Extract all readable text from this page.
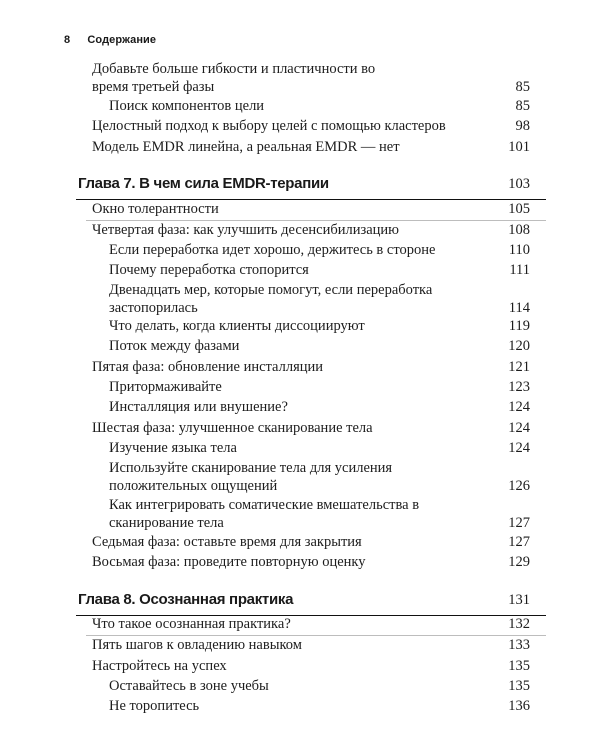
8 Содержание
Добавьте больше гибкости и пластичности во время третьей фазы	85
Поиск компонентов цели	85
Целостный подход к выбору целей с помощью кластеров	98
Модель EMDR линейна, а реальная EMDR — нет	101
Глава 7. В чем сила EMDR-терапии	103
Окно толерантности	105
Четвертая фаза: как улучшить десенсибилизацию	108
Если переработка идет хорошо, держитесь в стороне	110
Почему переработка стопорится	111
Двенадцать мер, которые помогут, если переработка застопорилась	114
Что делать, когда клиенты диссоциируют	119
Поток между фазами	120
Пятая фаза: обновление инсталляции	121
Притормаживайте	123
Инсталляция или внушение?	124
Шестая фаза: улучшенное сканирование тела	124
Изучение языка тела	124
Используйте сканирование тела для усиления положительных ощущений	126
Как интегрировать соматические вмешательства в сканирование тела	127
Седьмая фаза: оставьте время для закрытия	127
Восьмая фаза: проведите повторную оценку	129
Глава 8. Осознанная практика	131
Что такое осознанная практика?	132
Пять шагов к овладению навыком	133
Настройтесь на успех	135
Оставайтесь в зоне учебы	135
Не торопитесь	136
